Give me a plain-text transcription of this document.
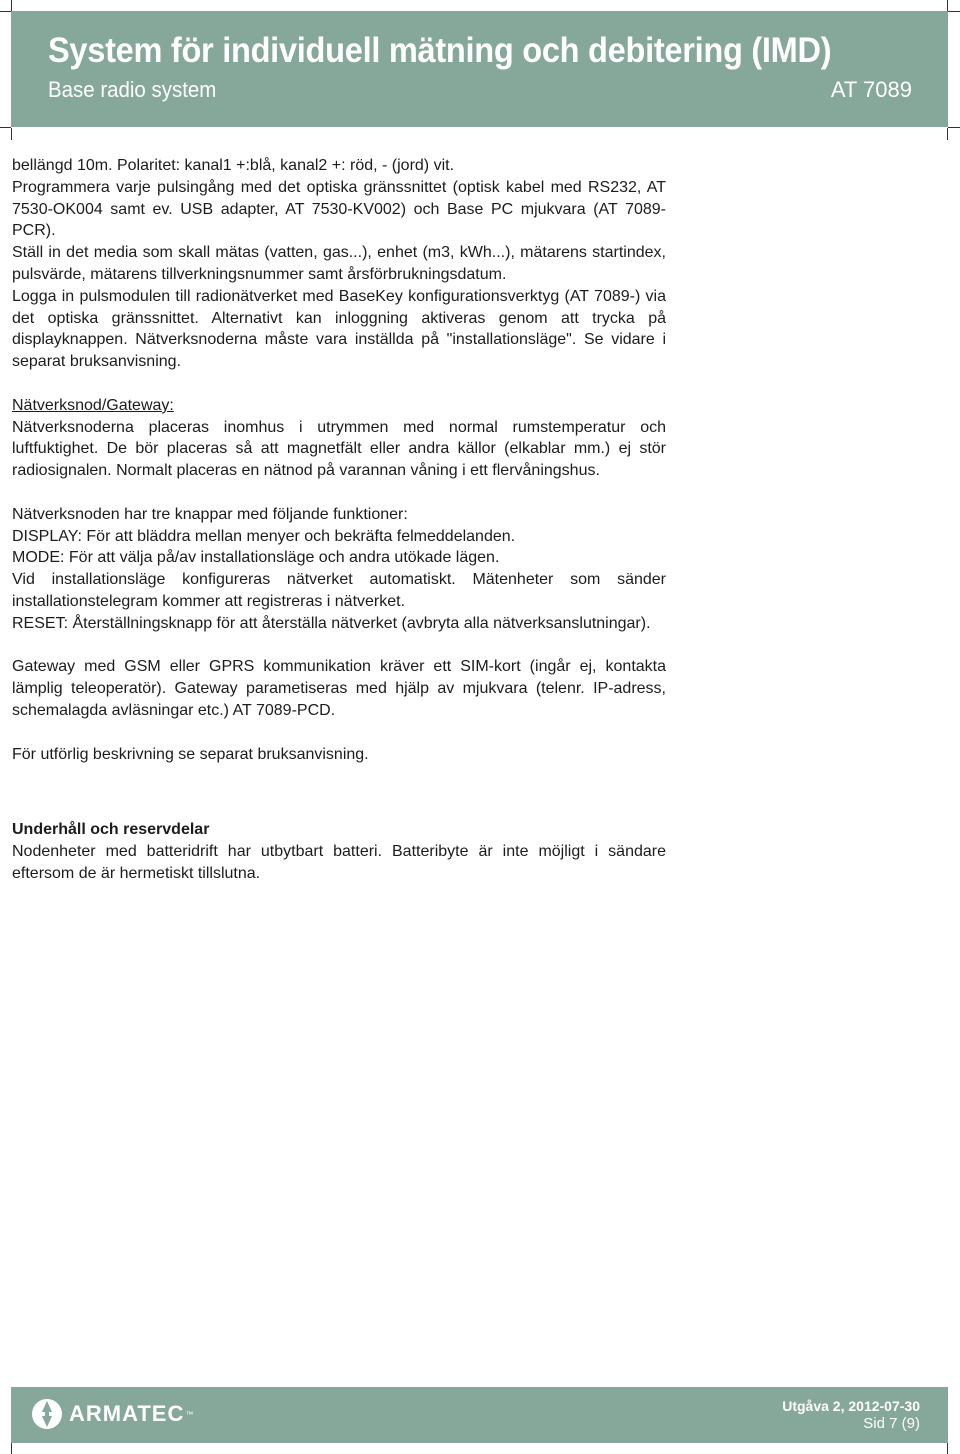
System för individuell mätning och debitering (IMD)
Base radio system	AT 7089

bellängd 10m. Polaritet: kanal1 +:blå, kanal2 +: röd, - (jord) vit.

Programmera varje pulsingång med det optiska gränssnittet (optisk kabel med RS232, AT 7530-OK004 samt ev. USB adapter, AT 7530-KV002) och Base PC mjukvara (AT 7089-PCR).

Ställ in det media som skall mätas (vatten, gas...), enhet (m3, kWh...), mätarens startindex, pulsvärde, mätarens tillverkningsnummer samt årsförbrukningsdatum.

Logga in pulsmodulen till radionätverket med BaseKey konfigurationsverktyg (AT 7089-) via det optiska gränssnittet. Alternativt kan inloggning aktiveras genom att trycka på displayknappen. Nätverksnoderna måste vara inställda på "installationsläge". Se vidare i separat bruksanvisning.

Nätverksnod/Gateway:

Nätverksnoderna placeras inomhus i utrymmen med normal rumstemperatur och luftfuktighet. De bör placeras så att magnetfält eller andra källor (elkablar mm.) ej stör radiosignalen. Normalt placeras en nätnod på varannan våning i ett flervåningshus.

Nätverksnoden har tre knappar med följande funktioner:

DISPLAY: För att bläddra mellan menyer och bekräfta felmeddelanden.

MODE: För att välja på/av installationsläge och andra utökade lägen.

Vid installationsläge konfigureras nätverket automatiskt. Mätenheter som sänder installationstelegram kommer att registreras i nätverket.

RESET: Återställningsknapp för att återställa nätverket (avbryta alla nätverksanslutningar).

Gateway med GSM eller GPRS kommunikation kräver ett SIM-kort (ingår ej, kontakta lämplig teleoperatör). Gateway parametiseras med hjälp av mjukvara (telenr. IP-adress, schemalagda avläsningar etc.) AT 7089-PCD.

För utförlig beskrivning se separat bruksanvisning.

Underhåll och reservdelar

Nodenheter med batteridrift har utbytbart batteri. Batteribyte är inte möjligt i sändare eftersom de är hermetiskt tillslutna.

ARMATEC ™	Utgåva 2, 2012-07-30
Sid 7 (9)
